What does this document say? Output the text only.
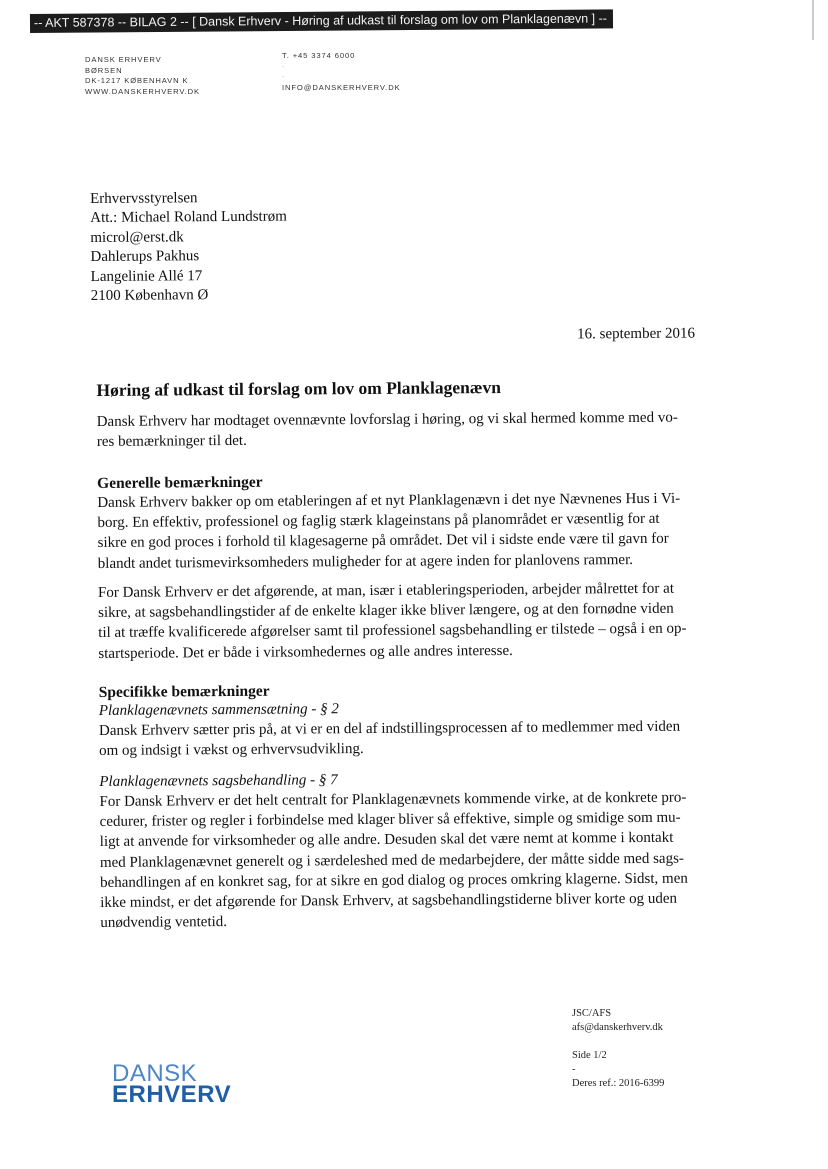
-- AKT 587378 -- BILAG 2 -- [ Dansk Erhverv - Høring af udkast til forslag om lov om Planklagenævn ] --
DANSK ERHVERV
BØRSEN
DK-1217 KØBENHAVN K
WWW.DANSKERHVERV.DK
T. +45 3374 6000
-
-
INFO@DANSKERHVERV.DK
Erhvervsstyrelsen
Att.: Michael Roland Lundstrøm
microl@erst.dk
Dahlerups Pakhus
Langelinie Allé 17
2100 København Ø
16. september 2016
Høring af udkast til forslag om lov om Planklagenævn
Dansk Erhverv har modtaget ovennævnte lovforslag i høring, og vi skal hermed komme med vo-
res bemærkninger til det.
Generelle bemærkninger
Dansk Erhverv bakker op om etableringen af et nyt Planklagenævn i det nye Nævnenes Hus i Vi-
borg. En effektiv, professionel og faglig stærk klageinstans på planområdet er væsentlig for at
sikre en god proces i forhold til klagesagerne på området. Det vil i sidste ende være til gavn for
blandt andet turismevirksomheders muligheder for at agere inden for planlovens rammer.
For Dansk Erhverv er det afgørende, at man, især i etableringsperioden, arbejder målrettet for at
sikre, at sagsbehandlingstider af de enkelte klager ikke bliver længere, og at den fornødne viden
til at træffe kvalificerede afgørelser samt til professionel sagsbehandling er tilstede – også i en op-
startsperiode. Det er både i virksomhedernes og alle andres interesse.
Specifikke bemærkninger
Planklagenævnets sammensætning - § 2
Dansk Erhverv sætter pris på, at vi er en del af indstillingsprocessen af to medlemmer med viden
om og indsigt i vækst og erhvervsudvikling.
Planklagenævnets sagsbehandling - § 7
For Dansk Erhverv er det helt centralt for Planklagenævnets kommende virke, at de konkrete pro-
cedurer, frister og regler i forbindelse med klager bliver så effektive, simple og smidige som mu-
ligt at anvende for virksomheder og alle andre. Desuden skal det være nemt at komme i kontakt
med Planklagenævnet generelt og i særdeleshed med de medarbejdere, der måtte sidde med sags-
behandlingen af en konkret sag, for at sikre en god dialog og proces omkring klagerne. Sidst, men
ikke mindst, er det afgørende for Dansk Erhverv, at sagsbehandlingstiderne bliver korte og uden
unødvendig ventetid.
JSC/AFS
afs@danskerhverv.dk
Side 1/2
-
Deres ref.: 2016-6399
DANSK
ERHVERV
